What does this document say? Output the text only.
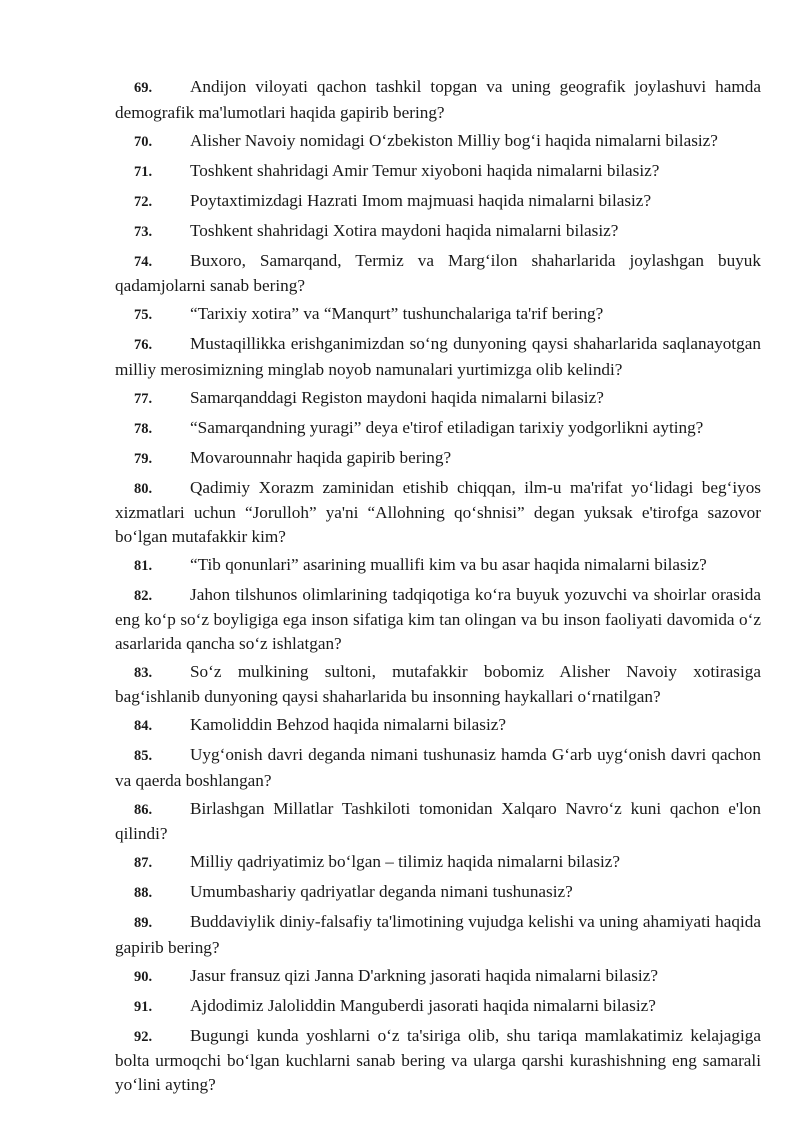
69. Andijon viloyati qachon tashkil topgan va uning geografik joylashuvi hamda demografik ma'lumotlari haqida gapirib bering?

70. Alisher Navoiy nomidagi O‘zbekiston Milliy bog‘i haqida nimalarni bilasiz?

71. Toshkent shahridagi Amir Temur xiyoboni haqida nimalarni bilasiz?

72. Poytaxtimizdagi Hazrati Imom majmuasi haqida nimalarni bilasiz?

73. Toshkent shahridagi Xotira maydoni haqida nimalarni bilasiz?

74. Buxoro, Samarqand, Termiz va Marg‘ilon shaharlarida joylashgan buyuk qadamjolarni sanab bering?

75. “Tarixiy xotira” va “Manqurt” tushunchalariga ta'rif bering?

76. Mustaqillikka erishganimizdan so‘ng dunyoning qaysi shaharlarida saqlanayotgan milliy merosimizning minglab noyob namunalari yurtimizga olib kelindi?

77. Samarqanddagi Registon maydoni haqida nimalarni bilasiz?

78. “Samarqandning yuragi” deya e'tirof etiladigan tarixiy yodgorlikni ayting?

79. Movarounnahr haqida gapirib bering?

80. Qadimiy Xorazm zaminidan etishib chiqqan, ilm-u ma'rifat yo‘lidagi beg‘iyos xizmatlari uchun “Jorulloh” ya'ni “Allohning qo‘shnisi” degan yuksak e'tirofga sazovor bo‘lgan mutafakkir kim?

81. “Tib qonunlari” asarining muallifi kim va bu asar haqida nimalarni bilasiz?

82. Jahon tilshunos olimlarining tadqiqotiga ko‘ra buyuk yozuvchi va shoirlar orasida eng ko‘p so‘z boyligiga ega inson sifatiga kim tan olingan va bu inson faoliyati davomida o‘z asarlarida qancha so‘z ishlatgan?

83. So‘z mulkining sultoni, mutafakkir bobomiz Alisher Navoiy xotirasiga bag‘ishlanib dunyoning qaysi shaharlarida bu insonning haykallari o‘rnatilgan?

84. Kamoliddin Behzod haqida nimalarni bilasiz?

85. Uyg‘onish davri deganda nimani tushunasiz hamda G‘arb uyg‘onish davri qachon va qaerda boshlangan?

86. Birlashgan Millatlar Tashkiloti tomonidan Xalqaro Navro‘z kuni qachon e'lon qilindi?

87. Milliy qadriyatimiz bo‘lgan – tilimiz haqida nimalarni bilasiz?

88. Umumbashariy qadriyatlar deganda nimani tushunasiz?

89. Buddaviylik diniy-falsafiy ta'limotining vujudga kelishi va uning ahamiyati haqida gapirib bering?

90. Jasur fransuz qizi Janna D'arkning jasorati haqida nimalarni bilasiz?

91. Ajdodimiz Jaloliddin Manguberdi jasorati haqida nimalarni bilasiz?

92. Bugungi kunda yoshlarni o‘z ta'siriga olib, shu tariqa mamlakatimiz kelajagiga bolta urmoqchi bo‘lgan kuchlarni sanab bering va ularga qarshi kurashishning eng samarali yo‘lini ayting?
